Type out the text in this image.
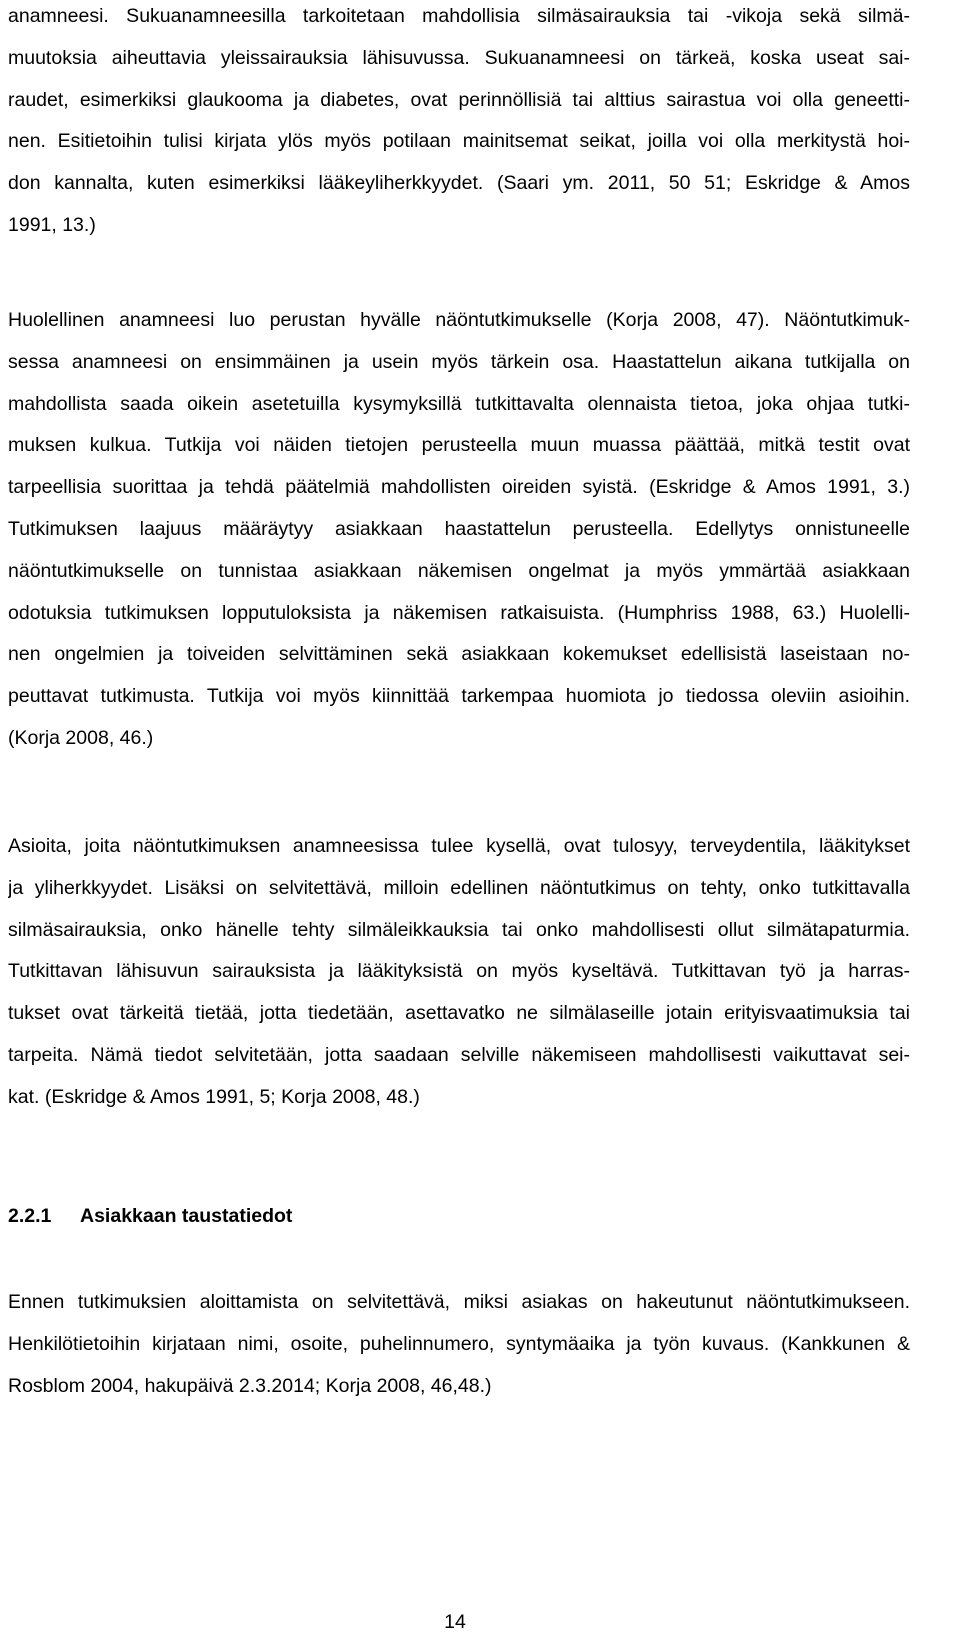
anamneesi. Sukuanamneesilla tarkoitetaan mahdollisia silmäsairauksia tai -vikoja sekä silmä-
muutoksia aiheuttavia yleissairauksia lähisuvussa. Sukuanamneesi on tärkeä, koska useat sai-
raudet, esimerkiksi glaukooma ja diabetes, ovat perinnöllisiä tai alttius sairastua voi olla geneetti-
nen. Esitietoihin tulisi kirjata ylös myös potilaan mainitsemat seikat, joilla voi olla merkitystä hoi-
don kannalta, kuten esimerkiksi lääkeyliherkkyydet. (Saari ym. 2011, 50 51; Eskridge & Amos
1991, 13.)
Huolellinen anamneesi luo perustan hyvälle näöntutkimukselle (Korja 2008, 47). Näöntutkimuk-
sessa anamneesi on ensimmäinen ja usein myös tärkein osa. Haastattelun aikana tutkijalla on
mahdollista saada oikein asetetuilla kysymyksillä tutkittavalta olennaista tietoa, joka ohjaa tutki-
muksen kulkua. Tutkija voi näiden tietojen perusteella muun muassa päättää, mitkä testit ovat
tarpeellisia suorittaa ja tehdä päätelmiä mahdollisten oireiden syistä. (Eskridge & Amos 1991, 3.)
Tutkimuksen laajuus määräytyy asiakkaan haastattelun perusteella. Edellytys onnistuneelle
näöntutkimukselle on tunnistaa asiakkaan näkemisen ongelmat ja myös ymmärtää asiakkaan
odotuksia tutkimuksen lopputuloksista ja näkemisen ratkaisuista. (Humphriss 1988, 63.) Huolelli-
nen ongelmien ja toiveiden selvittäminen sekä asiakkaan kokemukset edellisistä laseistaan no-
peuttavat tutkimusta. Tutkija voi myös kiinnittää tarkempaa huomiota jo tiedossa oleviin asioihin.
(Korja 2008, 46.)
Asioita, joita näöntutkimuksen anamneesissa tulee kysellä, ovat tulosyy, terveydentila, lääkitykset
ja yliherkkyydet. Lisäksi on selvitettävä, milloin edellinen näöntutkimus on tehty, onko tutkittavalla
silmäsairauksia, onko hänelle tehty silmäleikkauksia tai onko mahdollisesti ollut silmätapaturmia.
Tutkittavan lähisuvun sairauksista ja lääkityksistä on myös kyseltävä. Tutkittavan työ ja harras-
tukset ovat tärkeitä tietää, jotta tiedetään, asettavatko ne silmälaseille jotain erityisvaatimuksia tai
tarpeita. Nämä tiedot selvitetään, jotta saadaan selville näkemiseen mahdollisesti vaikuttavat sei-
kat. (Eskridge & Amos 1991, 5; Korja 2008, 48.)
2.2.1 Asiakkaan taustatiedot
Ennen tutkimuksien aloittamista on selvitettävä, miksi asiakas on hakeutunut näöntutkimukseen.
Henkilötietoihin kirjataan nimi, osoite, puhelinnumero, syntymäaika ja työn kuvaus. (Kankkunen &
Rosblom 2004, hakupäivä 2.3.2014; Korja 2008, 46,48.)
14
